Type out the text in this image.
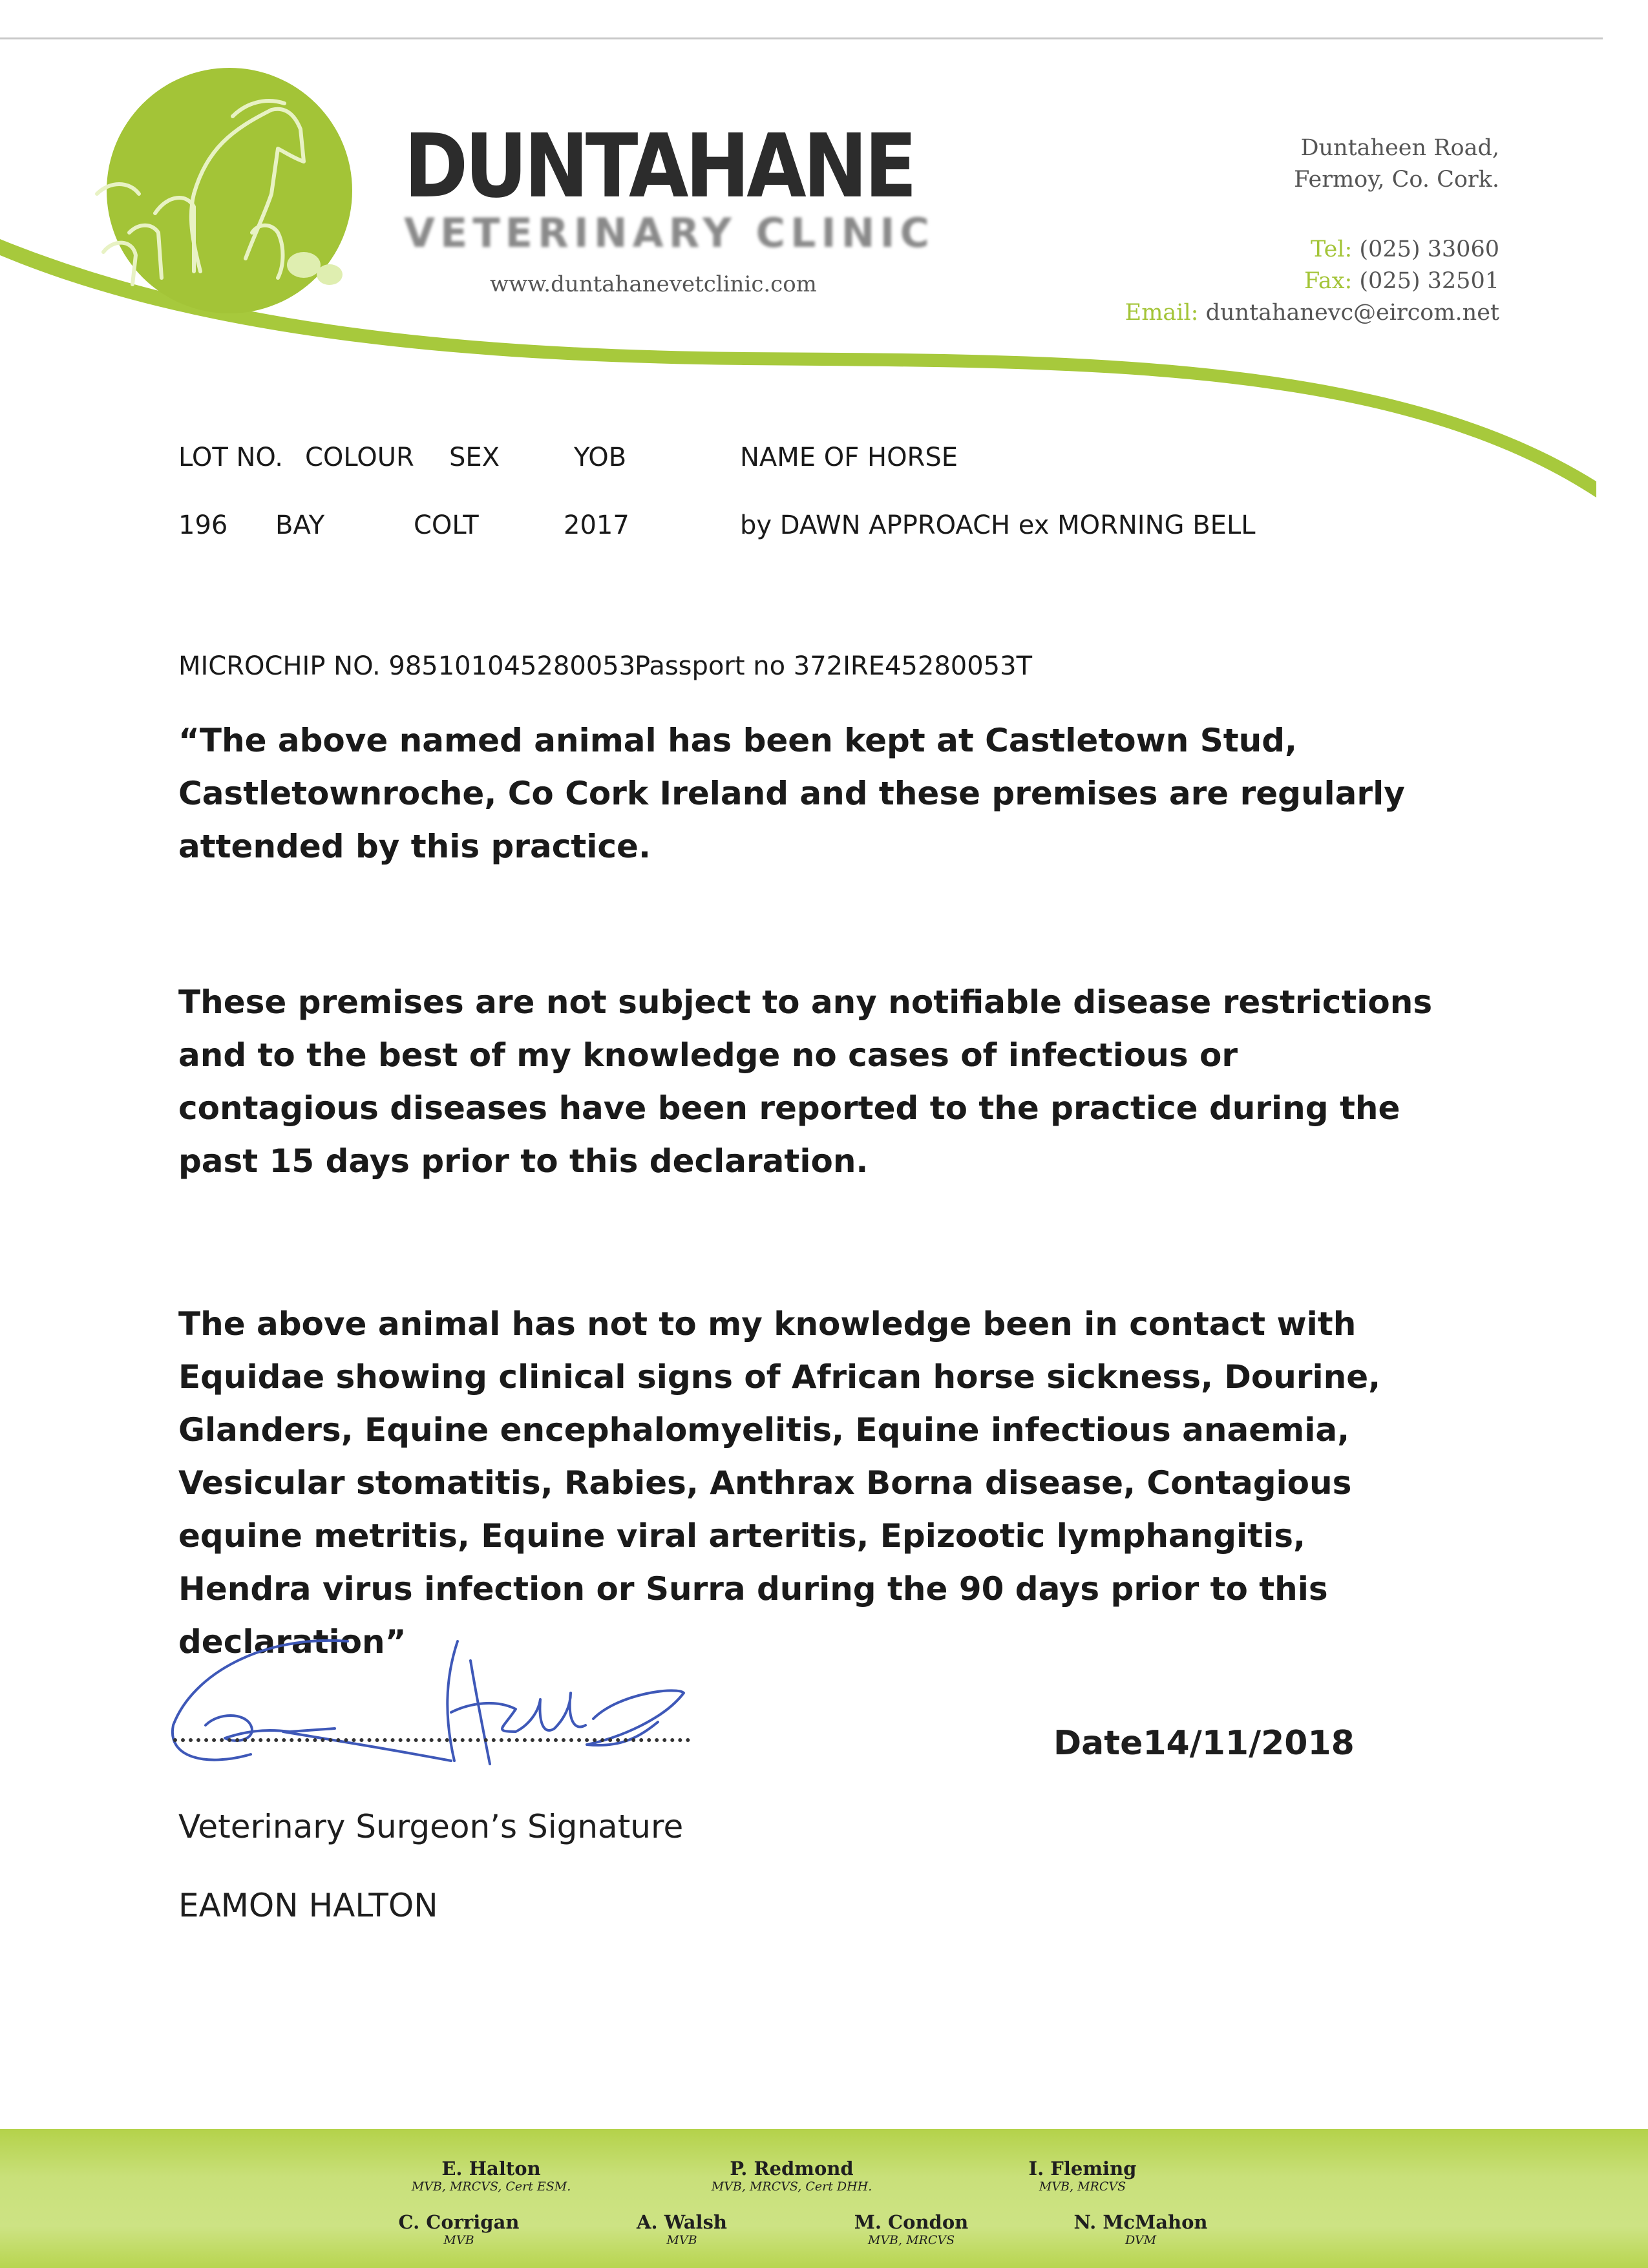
DUNTAHANE
VETERINARY CLINIC
www.duntahanevetclinic.com
Duntaheen Road,
Fermoy, Co. Cork.
Tel: (025) 33060
Fax: (025) 32501
Email: duntahanevc@eircom.net
LOT NO. COLOUR SEX	YOB	NAME OF HORSE
196 BAY	COLT	2017	by DAWN APPROACH ex MORNING BELL
MICROCHIP NO. 985101045280053
Passport no 372IRE45280053T

“The above named animal has been kept at Castletown Stud, Castletownroche, Co Cork Ireland and these premises are regularly attended by this practice.

These premises are not subject to any notifiable disease restrictions and to the best of my knowledge no cases of infectious or contagious diseases have been reported to the practice during the past 15 days prior to this declaration.

The above animal has not to my knowledge been in contact with Equidae showing clinical signs of African horse sickness, Dourine, Glanders, Equine encephalomyelitis, Equine infectious anaemia, Vesicular stomatitis, Rabies, Anthrax Borna disease, Contagious equine metritis, Equine viral arteritis, Epizootic lymphangitis, Hendra virus infection or Surra during the 90 days prior to this declaration”

Date14/11/2018
Veterinary Surgeon’s Signature
EAMON HALTON
E. Halton
MVB, MRCVS, Cert ESM.
P. Redmond
MVB, MRCVS, Cert DHH.
I. Fleming
MVB, MRCVS
C. Corrigan
MVB
A. Walsh
MVB
M. Condon
MVB, MRCVS
N. McMahon
DVM
